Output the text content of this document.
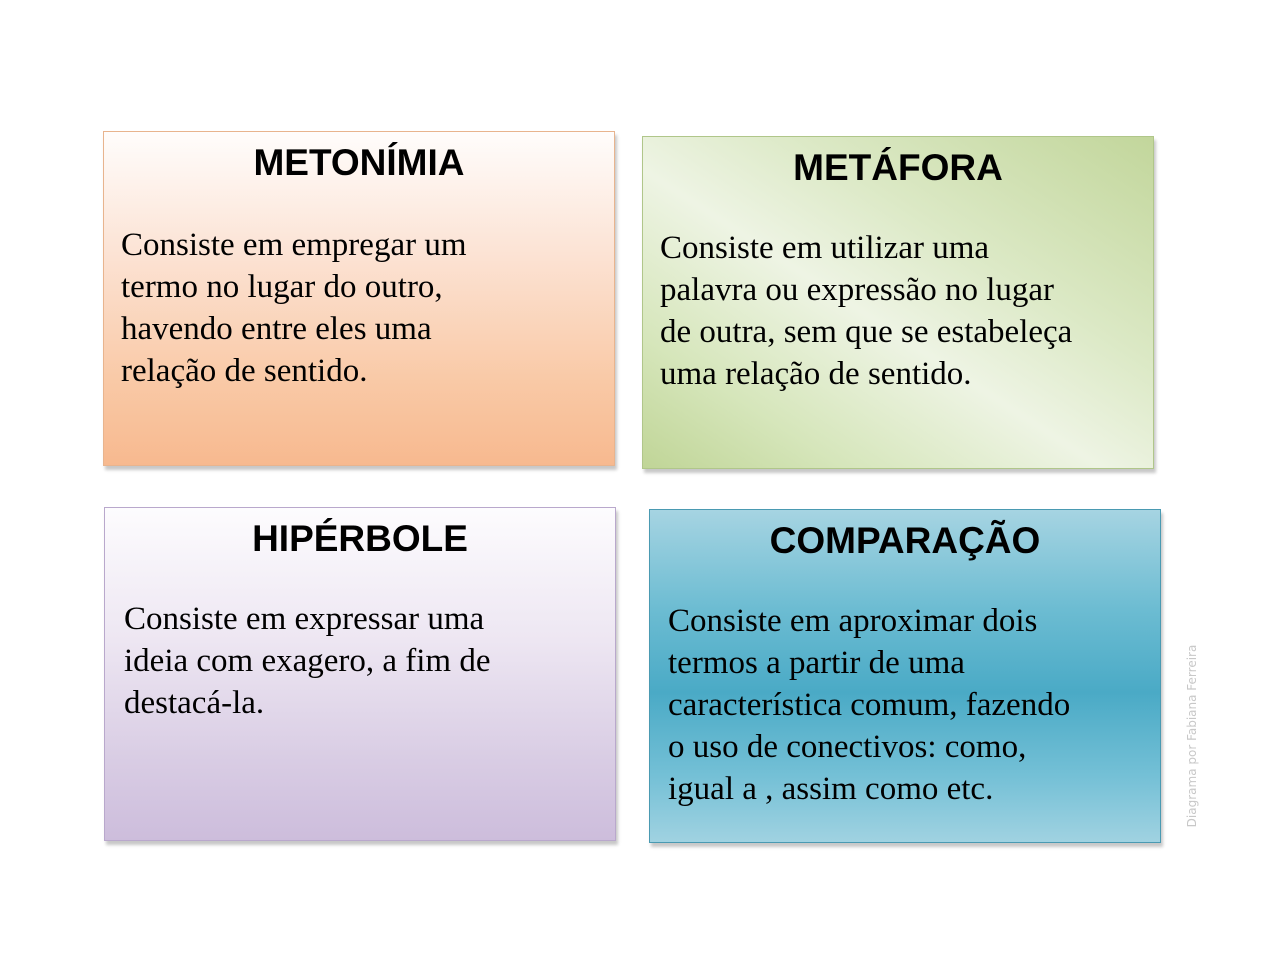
METONÍMIA

Consiste em empregar um
termo no lugar do outro,
havendo entre eles uma
relação de sentido.

METÁFORA

Consiste em utilizar uma
palavra ou expressão no lugar
de outra, sem que se estabeleça
uma relação de sentido.

HIPÉRBOLE

Consiste em expressar uma
ideia com exagero, a fim de
destacá-la.

COMPARAÇÃO

Consiste em aproximar dois
termos a partir de uma
característica comum, fazendo
o uso de conectivos: como,
igual a , assim como etc.	Diagrama por Fabiana Ferreira
